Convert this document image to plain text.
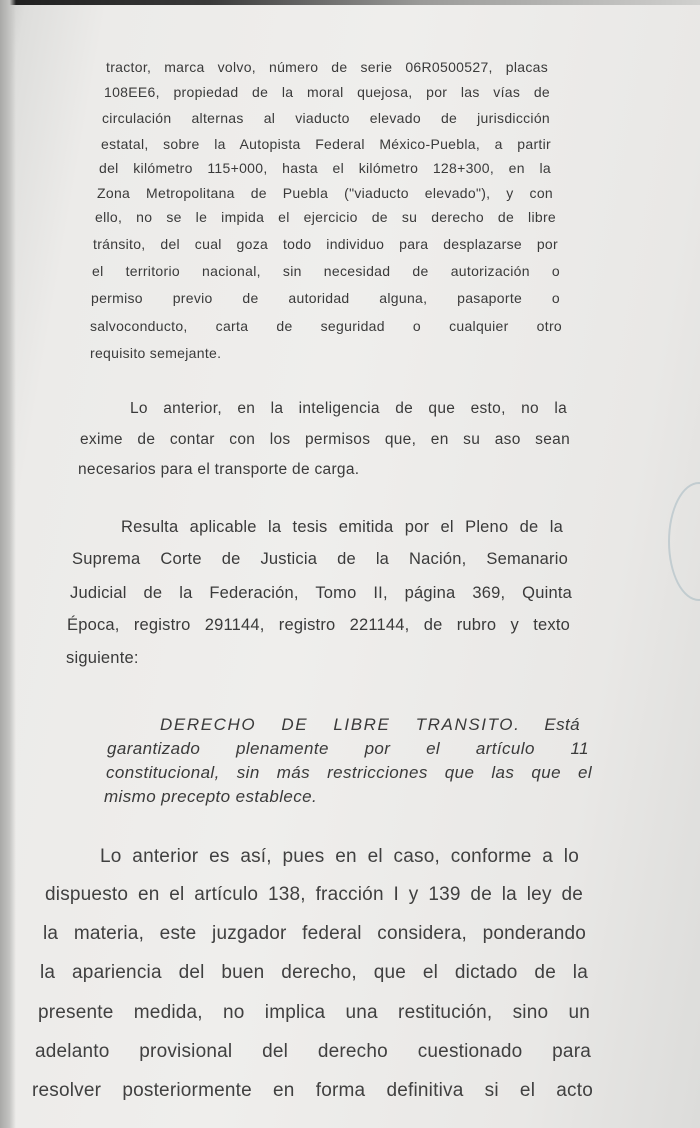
tractor, marca volvo, número de serie 06R0500527, placas

108EE6, propiedad de la moral quejosa, por las vías de

circulación alternas al viaducto elevado de jurisdicción

estatal, sobre la Autopista Federal México-Puebla, a partir

del kilómetro 115+000, hasta el kilómetro 128+300, en la

Zona Metropolitana de Puebla ("viaducto elevado"), y con

ello, no se le impida el ejercicio de su derecho de libre

tránsito, del cual goza todo individuo para desplazarse por

el territorio nacional, sin necesidad de autorización o

permiso previo de autoridad alguna, pasaporte o

salvoconducto, carta de seguridad o cualquier otro

requisito semejante.

Lo anterior, en la inteligencia de que esto, no la

exime de contar con los permisos que, en su aso sean

necesarios para el transporte de carga.

Resulta aplicable la tesis emitida por el Pleno de la

Suprema Corte de Justicia de la Nación, Semanario

Judicial de la Federación, Tomo II, página 369, Quinta

Época, registro 291144, registro 221144, de rubro y texto

siguiente:

DERECHO DE LIBRE TRANSITO. Está

garantizado plenamente por el artículo 11

constitucional, sin más restricciones que las que el

mismo precepto establece.

Lo anterior es así, pues en el caso, conforme a lo

dispuesto en el artículo 138, fracción I y 139 de la ley de

la materia, este juzgador federal considera, ponderando

la apariencia del buen derecho, que el dictado de la

presente medida, no implica una restitución, sino un

adelanto provisional del derecho cuestionado para

resolver posteriormente en forma definitiva si el acto
